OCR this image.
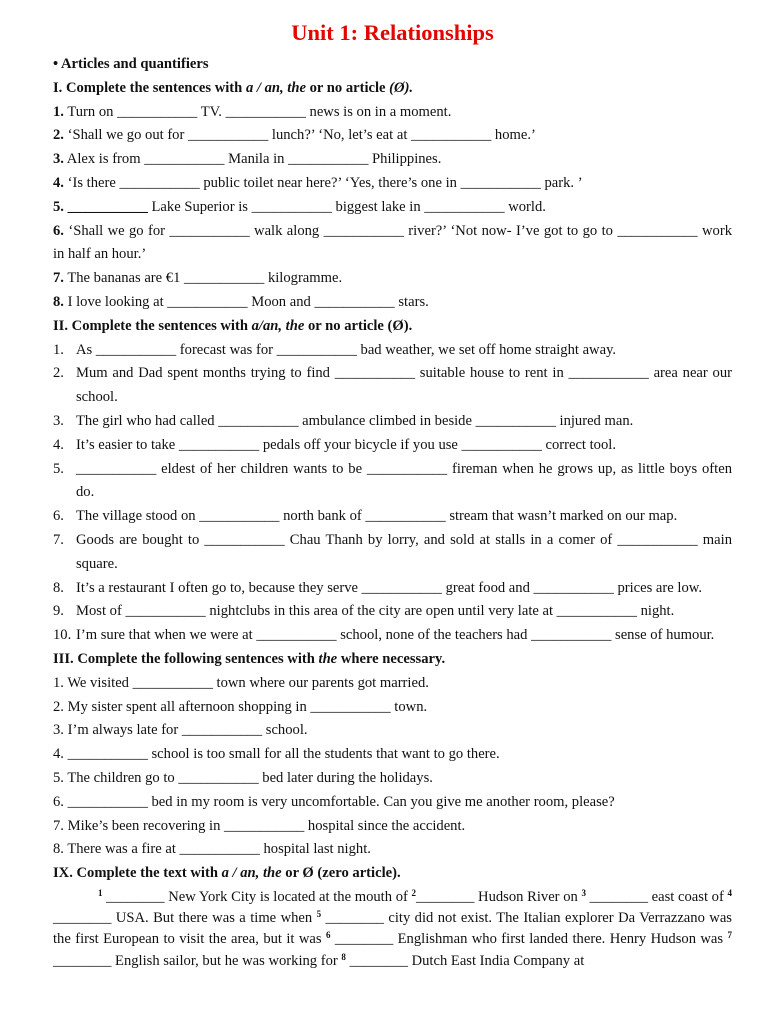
Unit 1: Relationships
• Articles and quantifiers
I. Complete the sentences with a / an, the or no article (Ø).
1. Turn on ___________ TV. ___________ news is on in a moment.
2. ‘Shall we go out for ___________ lunch?’ ‘No, let’s eat at ___________ home.’
3. Alex is from ___________ Manila in ___________ Philippines.
4. ‘Is there ___________ public toilet near here?’ ‘Yes, there’s one in ___________ park. ’
5. ___________ Lake Superior is ___________ biggest lake in ___________ world.
6. ‘Shall we go for ___________ walk along ___________ river?’ ‘Not now- I’ve got to go to ___________ work in half an hour.’
7. The bananas are €1 ___________ kilogramme.
8. I love looking at ___________ Moon and ___________ stars.
II. Complete the sentences with a/an, the or no article (Ø).
1. As ___________ forecast was for ___________ bad weather, we set off home straight away.
2. Mum and Dad spent months trying to find ___________ suitable house to rent in ___________ area near our school.
3. The girl who had called ___________ ambulance climbed in beside ___________ injured man.
4. It’s easier to take ___________ pedals off your bicycle if you use ___________ correct tool.
5. ___________ eldest of her children wants to be ___________ fireman when he grows up, as little boys often do.
6. The village stood on ___________ north bank of ___________ stream that wasn’t marked on our map.
7. Goods are bought to ___________ Chau Thanh by lorry, and sold at stalls in a comer of ___________ main square.
8. It’s a restaurant I often go to, because they serve ___________ great food and ___________ prices are low.
9. Most of ___________ nightclubs in this area of the city are open until very late at ___________ night.
10. I’m sure that when we were at ___________ school, none of the teachers had ___________ sense of humour.
III. Complete the following sentences with the where necessary.
1. We visited ___________ town where our parents got married.
2. My sister spent all afternoon shopping in ___________ town.
3. I’m always late for ___________ school.
4. ___________ school is too small for all the students that want to go there.
5. The children go to ___________ bed later during the holidays.
6. ___________ bed in my room is very uncomfortable. Can you give me another room, please?
7. Mike’s been recovering in ___________ hospital since the accident.
8. There was a fire at ___________ hospital last night.
IX. Complete the text with a / an, the or Ø (zero article).
$^1$ ________ New York City is located at the mouth of $^2$________ Hudson River on $^3$ ________ east coast of $^4$ ________ USA. But there was a time when $^5$ ________ city did not exist. The Italian explorer Da Verrazzano was the first European to visit the area, but it was $^6$ ________ Englishman who first landed there. Henry Hudson was $^7$ ________ English sailor, but he was working for $^8$ ________ Dutch East India Company at
